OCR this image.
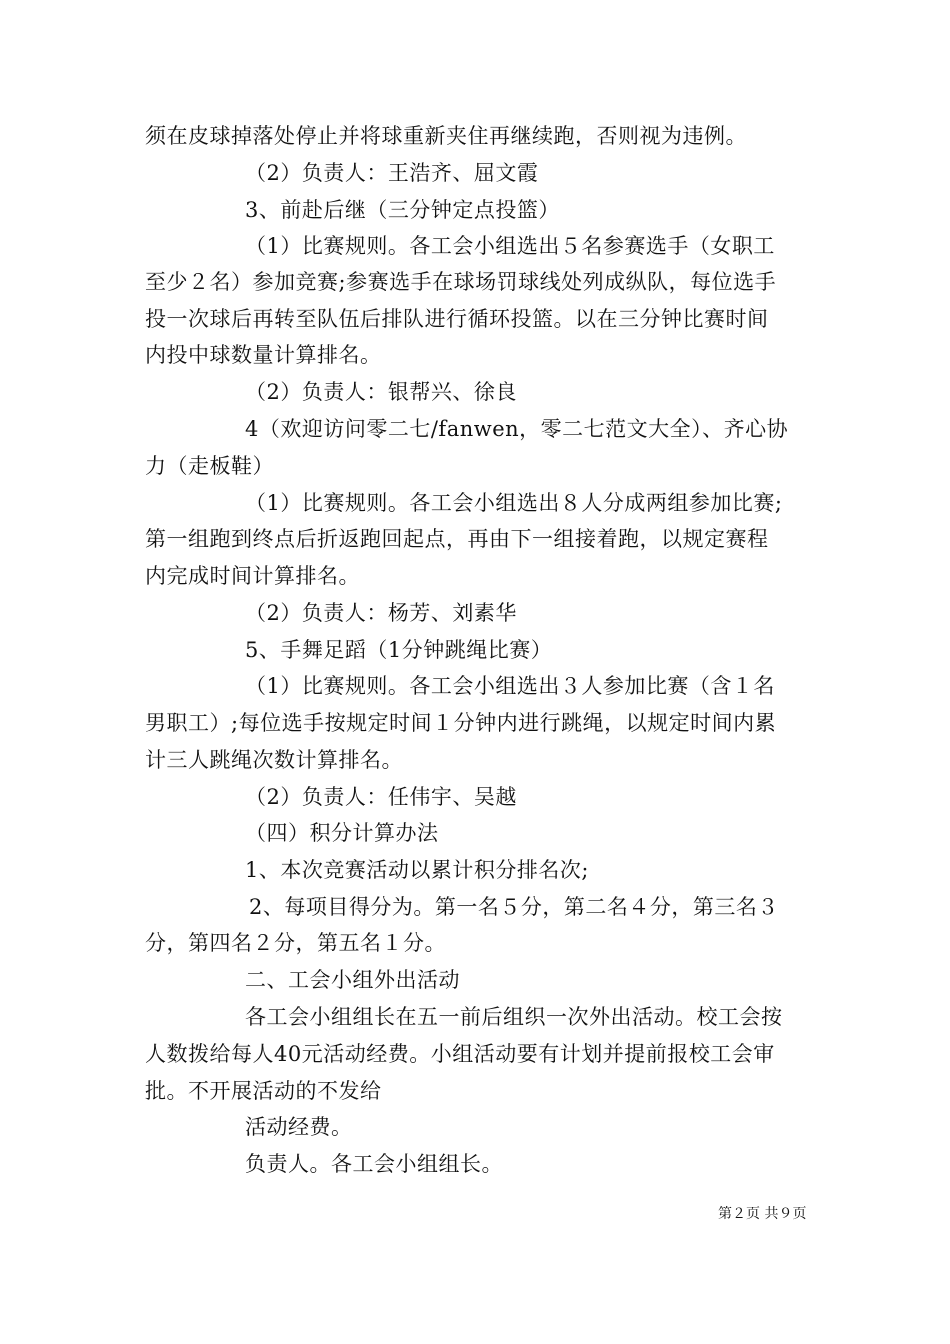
须在皮球掉落处停止并将球重新夹住再继续跑，否则视为违例。
（2）负责人：王浩齐、屈文霞
3、前赴后继（三分钟定点投篮）
（1）比赛规则。各工会小组选出５名参赛选手（女职工
至少２名）参加竞赛;参赛选手在球场罚球线处列成纵队，每位选手
投一次球后再转至队伍后排队进行循环投篮。以在三分钟比赛时间
内投中球数量计算排名。
（2）负责人：银帮兴、徐良
4（欢迎访问零二七/fanwen，零二七范文大全）、齐心协
力（走板鞋）
（1）比赛规则。各工会小组选出８人分成两组参加比赛;
第一组跑到终点后折返跑回起点，再由下一组接着跑，以规定赛程
内完成时间计算排名。
（2）负责人：杨芳、刘素华
5、手舞足蹈（1分钟跳绳比赛）
（1）比赛规则。各工会小组选出３人参加比赛（含１名
男职工）;每位选手按规定时间１分钟内进行跳绳，以规定时间内累
计三人跳绳次数计算排名。
（2）负责人：任伟宇、吴越
（四）积分计算办法
1、本次竞赛活动以累计积分排名次;
2、每项目得分为。第一名５分，第二名４分，第三名３
分，第四名２分，第五名１分。
二、工会小组外出活动
各工会小组组长在五一前后组织一次外出活动。校工会按
人数拨给每人40元活动经费。小组活动要有计划并提前报校工会审
批。不开展活动的不发给
活动经费。
负责人。各工会小组组长。
第２页 共９页
